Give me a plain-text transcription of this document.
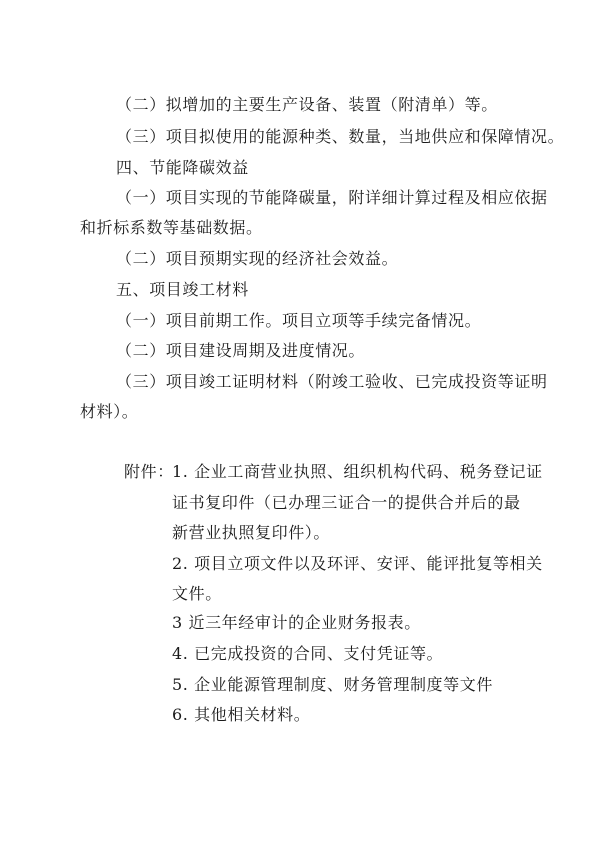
（二）拟增加的主要生产设备、装置（附清单）等。
（三）项目拟使用的能源种类、数量，当地供应和保障情况。
四、节能降碳效益
（一）项目实现的节能降碳量，附详细计算过程及相应依据
和折标系数等基础数据。
（二）项目预期实现的经济社会效益。
五、项目竣工材料
（一）项目前期工作。项目立项等手续完备情况。
（二）项目建设周期及进度情况。
（三）项目竣工证明材料（附竣工验收、已完成投资等证明
材料）。
附件：
1. 企业工商营业执照、组织机构代码、税务登记证
证书复印件（已办理三证合一的提供合并后的最
新营业执照复印件）。
2. 项目立项文件以及环评、安评、能评批复等相关
文件。
3 近三年经审计的企业财务报表。
4. 已完成投资的合同、支付凭证等。
5. 企业能源管理制度、财务管理制度等文件
6. 其他相关材料。
